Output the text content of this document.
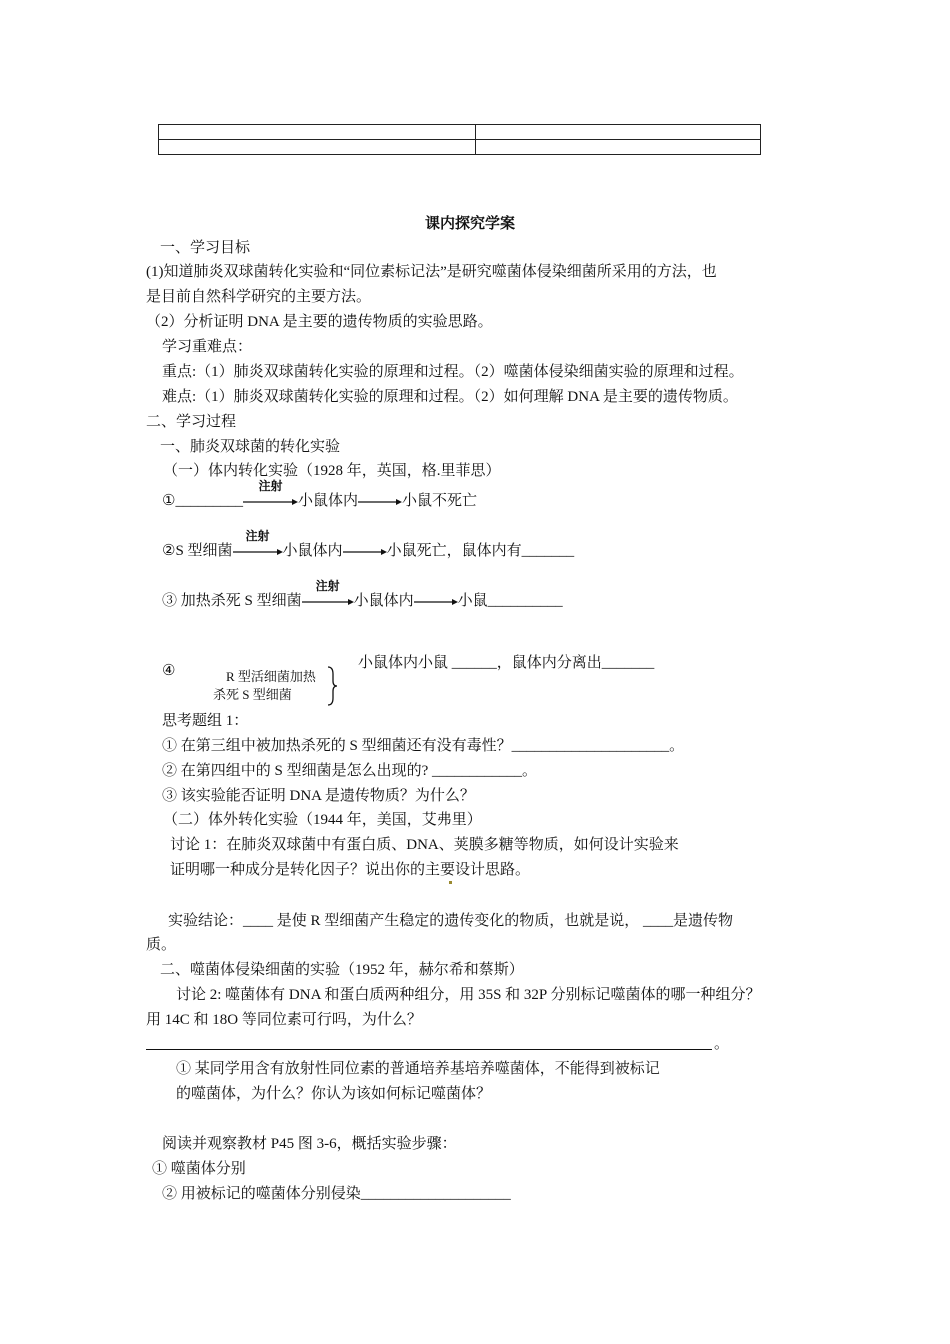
课内探究学案
一、学习目标
(1)知道肺炎双球菌转化实验和“同位素标记法”是研究噬菌体侵染细菌所采用的方法，也
是目前自然科学研究的主要方法。
（2）分析证明 DNA 是主要的遗传物质的实验思路。
学习重难点：
重点:（1）肺炎双球菌转化实验的原理和过程。（2）噬菌体侵染细菌实验的原理和过程。
难点:（1）肺炎双球菌转化实验的原理和过程。（2）如何理解 DNA 是主要的遗传物质。
二、学习过程
一、肺炎双球菌的转化实验
（一）体内转化实验（1928 年，英国，格.里菲思）
①_________
注射
小鼠体内	小鼠不死亡
②S 型细菌
注射
小鼠体内	小鼠死亡，鼠体内有_______
③ 加热杀死 S 型细菌
注射
小鼠体内	小鼠__________
④	R 型活细菌加热
杀死 S 型细菌
小鼠体内小鼠 ______，鼠体内分离出_______
思考题组 1：
① 在第三组中被加热杀死的 S 型细菌还有没有毒性？_____________________。
② 在第四组中的 S 型细菌是怎么出现的? ____________。
③ 该实验能否证明 DNA 是遗传物质？为什么？
（二）体外转化实验（1944 年，美国，艾弗里）
讨论 1：在肺炎双球菌中有蛋白质、DNA、荚膜多糖等物质，如何设计实验来
证明哪一种成分是转化因子？说出你的主要设计思路。
实验结论：____ 是使 R 型细菌产生稳定的遗传变化的物质，也就是说， ____是遗传物
质。
二、噬菌体侵染细菌的实验（1952 年，赫尔希和蔡斯）
讨论 2: 噬菌体有 DNA 和蛋白质两种组分，用 35S 和 32P 分别标记噬菌体的哪一种组分？
用 14C 和 18O 等同位素可行吗，为什么？
。
① 某同学用含有放射性同位素的普通培养基培养噬菌体，不能得到被标记
的噬菌体，为什么？你认为该如何标记噬菌体？
阅读并观察教材 P45 图 3-6，概括实验步骤：
① 噬菌体分别
② 用被标记的噬菌体分别侵染____________________
